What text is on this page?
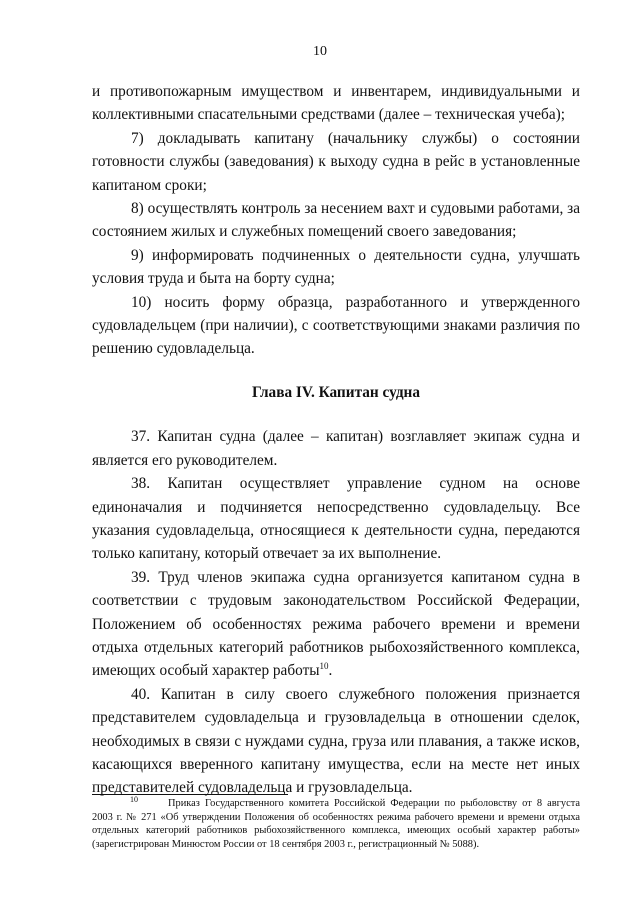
10

и противопожарным имуществом и инвентарем, индивидуальными и коллективными спасательными средствами (далее – техническая учеба);

7) докладывать капитану (начальнику службы) о состоянии готовности службы (заведования) к выходу судна в рейс в установленные капитаном сроки;

8) осуществлять контроль за несением вахт и судовыми работами, за состоянием жилых и служебных помещений своего заведования;

9) информировать подчиненных о деятельности судна, улучшать условия труда и быта на борту судна;

10) носить форму образца, разработанного и утвержденного судовладельцем (при наличии), с соответствующими знаками различия по решению судовладельца.

Глава IV. Капитан судна

37. Капитан судна (далее – капитан) возглавляет экипаж судна и является его руководителем.

38. Капитан осуществляет управление судном на основе единоначалия и подчиняется непосредственно судовладельцу. Все указания судовладельца, относящиеся к деятельности судна, передаются только капитану, который отвечает за их выполнение.

39. Труд членов экипажа судна организуется капитаном судна в соответствии с трудовым законодательством Российской Федерации, Положением об особенностях режима рабочего времени и времени отдыха отдельных категорий работников рыбохозяйственного комплекса, имеющих особый характер работы$^{10}$.

40. Капитан в силу своего служебного положения признается представителем судовладельца и грузовладельца в отношении сделок, необходимых в связи с нуждами судна, груза или плавания, а также исков, касающихся вверенного капитану имущества, если на месте нет иных представителей судовладельца и грузовладельца.

10	Приказ Государственного комитета Российской Федерации по рыболовству от 8 августа 2003 г. № 271 «Об утверждении Положения об особенностях режима рабочего времени и времени отдыха отдельных категорий работников рыбохозяйственного комплекса, имеющих особый характер работы» (зарегистрирован Минюстом России от 18 сентября 2003 г., регистрационный № 5088).
